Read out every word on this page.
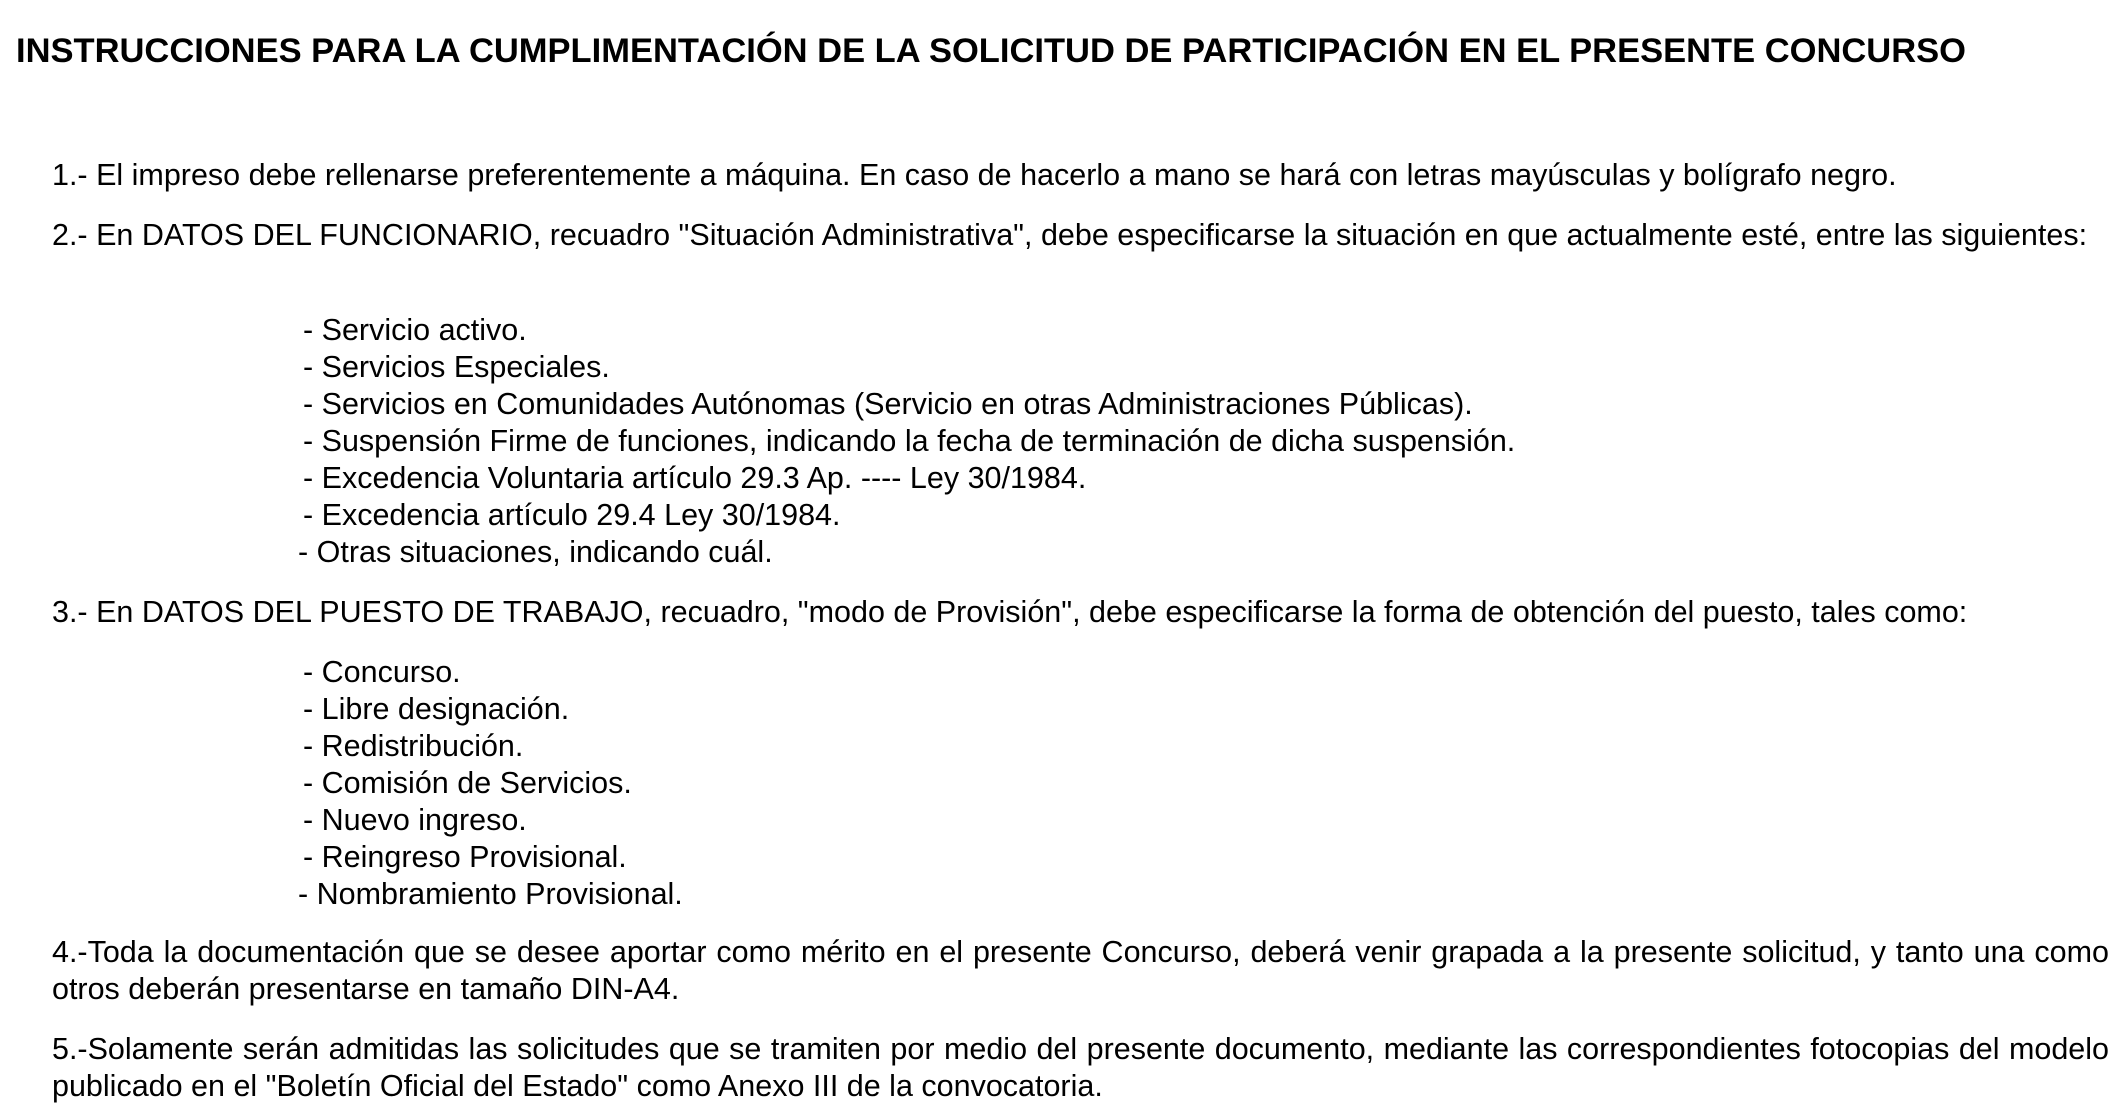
INSTRUCCIONES PARA LA CUMPLIMENTACIÓN DE LA SOLICITUD DE PARTICIPACIÓN EN EL PRESENTE CONCURSO
1.- El impreso debe rellenarse preferentemente a máquina. En caso de hacerlo a mano se hará con letras mayúsculas y bolígrafo negro.
2.- En DATOS DEL FUNCIONARIO, recuadro "Situación Administrativa", debe especificarse la situación en que actualmente esté, entre las siguientes:
- Servicio activo.
- Servicios Especiales.
- Servicios en Comunidades Autónomas (Servicio en otras Administraciones Públicas).
- Suspensión Firme de funciones, indicando la fecha de terminación de dicha suspensión.
- Excedencia Voluntaria artículo 29.3 Ap. ---- Ley 30/1984.
- Excedencia artículo 29.4 Ley 30/1984.
- Otras situaciones, indicando cuál.
3.- En DATOS DEL PUESTO DE TRABAJO, recuadro, "modo de Provisión", debe especificarse la forma de obtención del puesto, tales como:
- Concurso.
- Libre designación.
- Redistribución.
- Comisión de Servicios.
- Nuevo ingreso.
- Reingreso Provisional.
- Nombramiento Provisional.
4.-Toda la documentación que se desee aportar como mérito en el presente Concurso, deberá venir grapada a la presente solicitud, y tanto una como otros deberán presentarse en tamaño DIN-A4.
5.-Solamente serán admitidas las solicitudes que se tramiten por medio del presente documento, mediante las correspondientes fotocopias del modelo publicado en el "Boletín Oficial del Estado" como Anexo III de la convocatoria.
